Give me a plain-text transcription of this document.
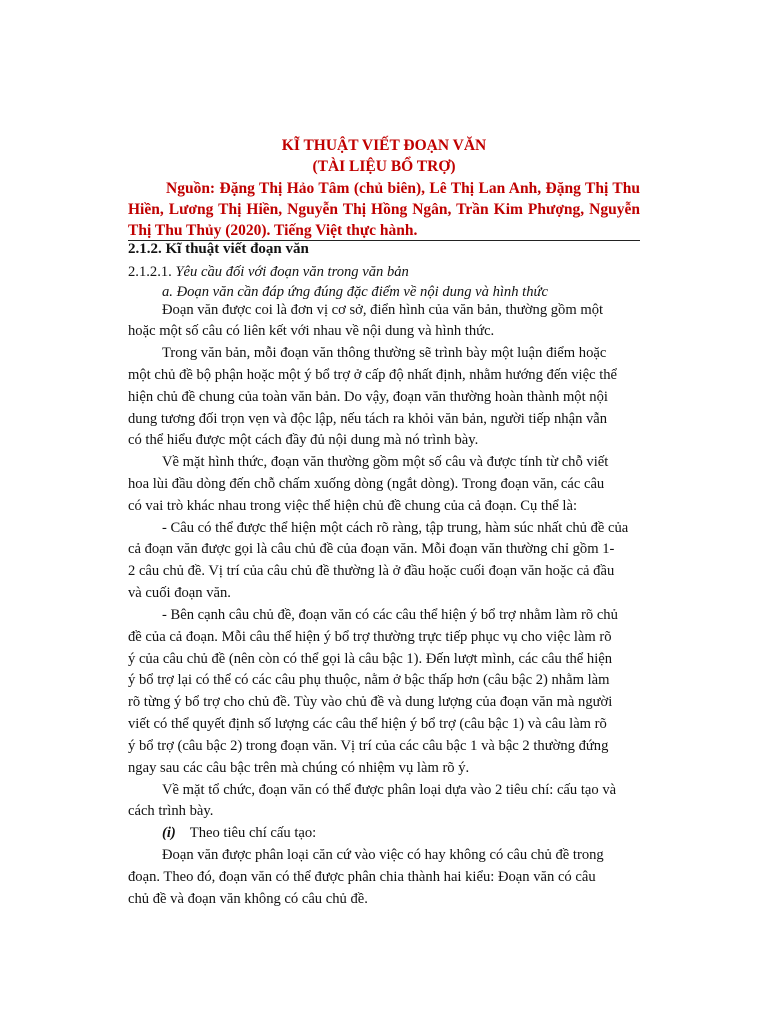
KĨ THUẬT VIẾT ĐOẠN VĂN
(TÀI LIỆU BỔ TRỢ)
Nguồn: Đặng Thị Hảo Tâm (chủ biên), Lê Thị Lan Anh, Đặng Thị Thu Hiền, Lương Thị Hiền, Nguyễn Thị Hồng Ngân, Trần Kim Phượng, Nguyễn Thị Thu Thủy (2020). Tiếng Việt thực hành.
2.1.2. Kĩ thuật viết đoạn văn
2.1.2.1. Yêu cầu đối với đoạn văn trong văn bản
a. Đoạn văn cần đáp ứng đúng đặc điểm về nội dung và hình thức
Đoạn văn được coi là đơn vị cơ sở, điển hình của văn bản, thường gồm một
hoặc một số câu có liên kết với nhau về nội dung và hình thức.
Trong văn bản, mỗi đoạn văn thông thường sẽ trình bày một luận điểm hoặc
một chủ đề bộ phận hoặc một ý bổ trợ ở cấp độ nhất định, nhằm hướng đến việc thể
hiện chủ đề chung của toàn văn bản. Do vậy, đoạn văn thường hoàn thành một nội
dung tương đối trọn vẹn và độc lập, nếu tách ra khỏi văn bản, người tiếp nhận vẫn
có thể hiểu được một cách đầy đủ nội dung mà nó trình bày.
Về mặt hình thức, đoạn văn thường gồm một số câu và được tính từ chỗ viết
hoa lùi đầu dòng đến chỗ chấm xuống dòng (ngắt dòng). Trong đoạn văn, các câu
có vai trò khác nhau trong việc thể hiện chủ đề chung của cả đoạn. Cụ thể là:
- Câu có thể được thể hiện một cách rõ ràng, tập trung, hàm súc nhất chủ đề của
cả đoạn văn được gọi là câu chủ đề của đoạn văn. Mỗi đoạn văn thường chỉ gồm 1-
2 câu chủ đề. Vị trí của câu chủ đề thường là ở đầu hoặc cuối đoạn văn hoặc cả đầu
và cuối đoạn văn.
- Bên cạnh câu chủ đề, đoạn văn có các câu thể hiện ý bổ trợ nhằm làm rõ chủ
đề của cả đoạn. Mỗi câu thể hiện ý bổ trợ thường trực tiếp phục vụ cho việc làm rõ
ý của câu chủ đề (nên còn có thể gọi là câu bậc 1). Đến lượt mình, các câu thể hiện
ý bổ trợ lại có thể có các câu phụ thuộc, nằm ở bậc thấp hơn (câu bậc 2) nhằm làm
rõ từng ý bổ trợ cho chủ đề. Tùy vào chủ đề và dung lượng của đoạn văn mà người
viết có thể quyết định số lượng các câu thể hiện ý bổ trợ (câu bậc 1) và câu làm rõ
ý bổ trợ (câu bậc 2) trong đoạn văn. Vị trí của các câu bậc 1 và bậc 2 thường đứng
ngay sau các câu bậc trên mà chúng có nhiệm vụ làm rõ ý.
Về mặt tổ chức, đoạn văn có thể được phân loại dựa vào 2 tiêu chí: cấu tạo và
cách trình bày.
(i) Theo tiêu chí cấu tạo:
Đoạn văn được phân loại căn cứ vào việc có hay không có câu chủ đề trong
đoạn. Theo đó, đoạn văn có thể được phân chia thành hai kiểu: Đoạn văn có câu
chủ đề và đoạn văn không có câu chủ đề.
